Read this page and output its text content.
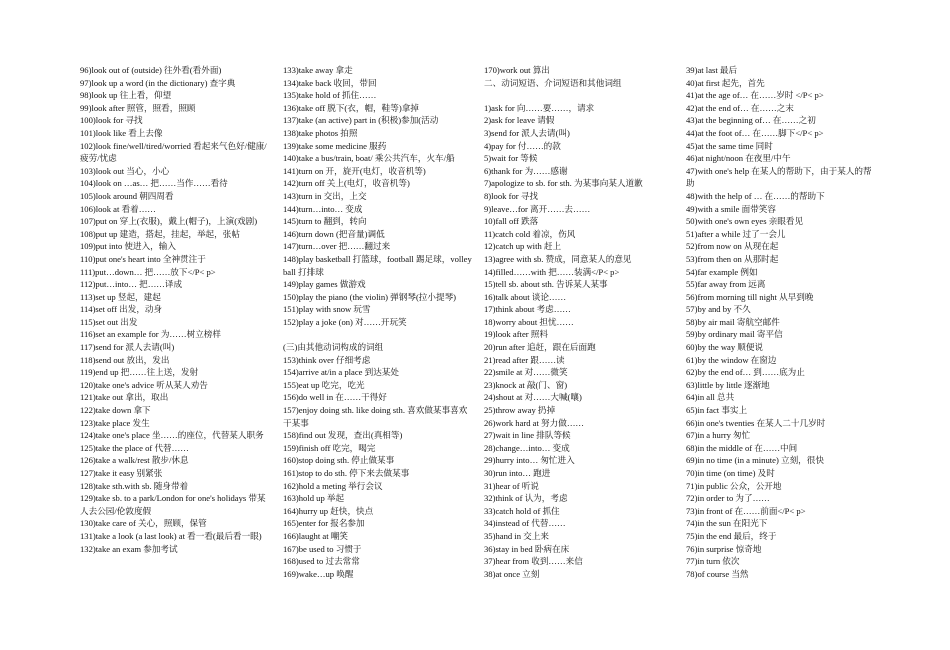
96)look out of (outside) 往外看(看外面)
97)look up a word (in the dictionary) 查字典
98)look up 往上看，仰望
99)look after 照管，照看，照顾
100)look for 寻找
101)look like 看上去像
102)look fine/well/tired/worried 看起来气色好/健康/疲劳/忧虑
103)look out 当心，小心
104)look on …as… 把……当作……看待
105)look around 朝四周看
106)look at 看着……
107)put on 穿上(衣服)，戴上(帽子)，上演(戏剧)
108)put up 建造，搭起，挂起，举起，张帖
109)put into 使进入，输入
110)put one's heart into 全神贯注于
111)put…down… 把……放下</P< p>
112)put…into… 把……译成
113)set up 竖起，建起
114)set off 出发，动身
115)set out 出发
116)set an example for 为……树立榜样
117)send for 派人去请(叫)
118)send out 放出，发出
119)end up 把……往上送，发射
120)take one's advice 听从某人劝告
121)take out 拿出，取出
122)take down 拿下
123)take place 发生
124)take one's place 坐……的座位，代替某人职务
125)take the place of 代替……
126)take a walk/rest 散步/休息
127)take it easy 别紧张
128)take sth.with sb. 随身带着
129)take sb. to a park/London for one's holidays 带某人去公园/伦敦度假
130)take care of 关心，照顾，保管
131)take a look (a last look) at 看一看(最后看一眼)
132)take an exam 参加考试
133)take away 拿走
134)take back 收回，带回
135)take hold of 抓住……
136)take off 脱下(衣，帽，鞋等)拿掉
137)take (an active) part in (积极)参加(活动
138)take photos 拍照
139)take some medicine 服药
140)take a bus/train, boat/ 乘公共汽车，火车/船
141)turn on 开，旋开(电灯，收音机等)
142)turn off 关上(电灯，收音机等)
143)turn in 交出，上交
144)turn…into… 变成
145)turn to 翻到，转向
146)turn down (把音量)调低
147)turn…over 把……翻过来
148)play basketball 打篮球，football 踢足球，volleyball 打排球
149)play games 做游戏
150)play the piano (the violin) 弹钢琴(拉小提琴)
151)play with snow 玩雪
152)play a joke (on) 对……开玩笑
(三)由其他动词构成的词组
153)think over 仔细考虑
154)arrive at/in a place 到达某处
155)eat up 吃完，吃光
156)do well in 在……干得好
157)enjoy doing sth. like doing sth. 喜欢做某事喜欢干某事
158)find out 发现，查出(真相等)
159)finish off 吃完，喝完
160)stop doing sth. 停止做某事
161)stop to do sth. 停下来去做某事
162)hold a meting 举行会议
163)hold up 举起
164)hurry up 赶快，快点
165)enter for 报名参加
166)laught at 嘲笑
167)be used to 习惯于
168)used to 过去常常
169)wake…up 唤醒
170)work out 算出
二、动词短语、介词短语和其他词组
1)ask for 向……要……，请求
2)ask for leave 请假
3)send for 派人去请(叫)
4)pay for 付……的款
5)wait for 等候
6)thank for 为……感谢
7)apologize to sb. for sth. 为某事向某人道歉
8)look for 寻找
9)leave…for 离开……去……
10)fall off 跌落
11)catch cold 着凉，伤风
12)catch up with 赶上
13)agree with sb. 赞成，同意某人的意见
14)filled……with 把……装满</P< p>
15)tell sb. about sth. 告诉某人某事
16)talk about 谈论……
17)think about 考虑……
18)worry about 担忧……
19)look after 照料
20)run after 追赶，跟在后面跑
21)read after 跟……读
22)smile at 对……微笑
23)knock at 敲(门、窗)
24)shout at 对……大喊(嚷)
25)throw away 扔掉
26)work hard at 努力做……
27)wait in line 排队等候
28)change…into… 变成
29)hurry into… 匆忙进入
30)run into… 跑进
31)hear of 听说
32)think of 认为，考虑
33)catch hold of 抓住
34)instead of 代替……
35)hand in 交上来
36)stay in bed 卧病在床
37)hear from 收到……来信
38)at once 立刻
39)at last 最后
40)at first 起先，首先
41)at the age of… 在……岁时 </P< p>
42)at the end of… 在……之末
43)at the beginning of… 在……之初
44)at the foot of… 在……脚下</P< p>
45)at the same time 同时
46)at night/noon 在夜里/中午
47)with one's help 在某人的帮助下，由于某人的帮助
48)with the help of … 在……的帮助下
49)with a smile 面带笑容
50)with one's own eyes 亲眼看见
51)after a while 过了一会儿
52)from now on 从现在起
53)from then on 从那时起
54)far example 例如
55)far away from 远离
56)from morning till night 从早到晚
57)by and by 不久
58)by air mail 寄航空邮件
59)by ordinary mail 寄平信
60)by the way 顺便说
61)by the window 在窗边
62)by the end of… 到……底为止
63)little by little 逐渐地
64)in all 总共
65)in fact 事实上
66)in one's twenties 在某人二十几岁时
67)in a hurry 匆忙
68)in the middle of 在……中间
69)in no time (in a minute) 立刻，很快
70)in time (on time) 及时
71)in public 公众，公开地
72)in order to 为了……
73)in front of 在……前面</P< p>
74)in the sun 在阳光下
75)in the end 最后，终于
76)in surprise 惊奇地
77)in turn 依次
78)of course 当然
